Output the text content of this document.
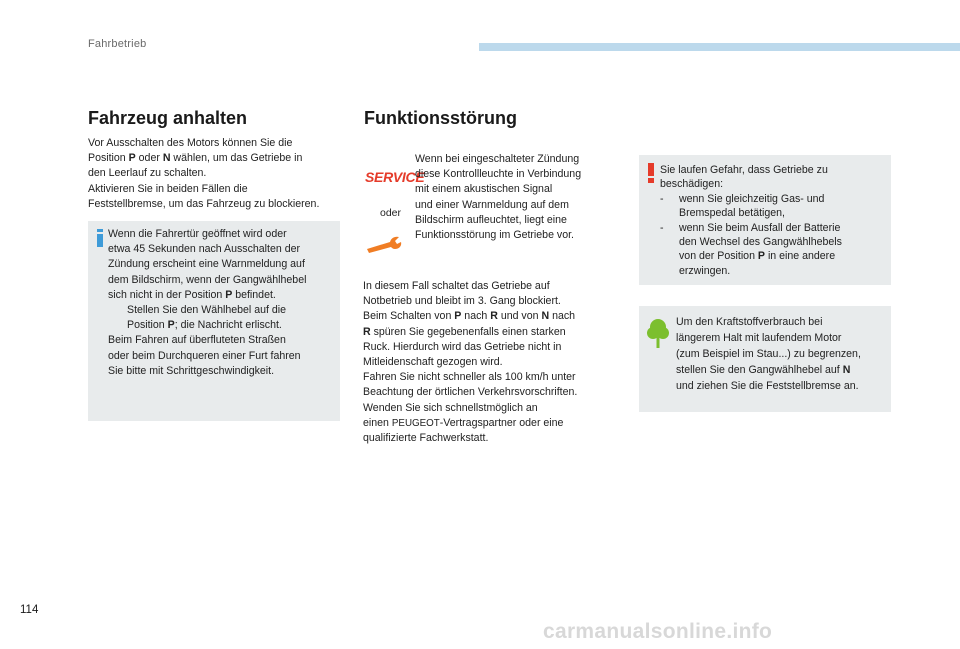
Fahrbetrieb
Fahrzeug anhalten
Vor Ausschalten des Motors können Sie die
Position P oder N wählen, um das Getriebe in
den Leerlauf zu schalten.
Aktivieren Sie in beiden Fällen die
Feststellbremse, um das Fahrzeug zu blockieren.
Wenn die Fahrertür geöffnet wird oder
etwa 45 Sekunden nach Ausschalten der
Zündung erscheint eine Warnmeldung auf
dem Bildschirm, wenn der Gangwählhebel
sich nicht in der Position P befindet.
Stellen Sie den Wählhebel auf die
Position P; die Nachricht erlischt.
Beim Fahren auf überfluteten Straßen
oder beim Durchqueren einer Furt fahren
Sie bitte mit Schrittgeschwindigkeit.
Funktionsstörung
SERVICE
oder
Wenn bei eingeschalteter Zündung
diese Kontrollleuchte in Verbindung
mit einem akustischen Signal
und einer Warnmeldung auf dem
Bildschirm aufleuchtet, liegt eine
Funktionsstörung im Getriebe vor.
In diesem Fall schaltet das Getriebe auf
Notbetrieb und bleibt im 3. Gang blockiert.
Beim Schalten von P nach R und von N nach
R spüren Sie gegebenenfalls einen starken
Ruck. Hierdurch wird das Getriebe nicht in
Mitleidenschaft gezogen wird.
Fahren Sie nicht schneller als 100 km/h unter
Beachtung der örtlichen Verkehrsvorschriften.
Wenden Sie sich schnellstmöglich an
einen PEUGEOT-Vertragspartner oder eine
qualifizierte Fachwerkstatt.
Sie laufen Gefahr, dass Getriebe zu
beschädigen:
-	wenn Sie gleichzeitig Gas- und
Bremspedal betätigen,
-	wenn Sie beim Ausfall der Batterie
den Wechsel des Gangwählhebels
von der Position P in eine andere
erzwingen.
Um den Kraftstoffverbrauch bei
längerem Halt mit laufendem Motor
(zum Beispiel im Stau...) zu begrenzen,
stellen Sie den Gangwählhebel auf N
und ziehen Sie die Feststellbremse an.
114
carmanualsonline.info
